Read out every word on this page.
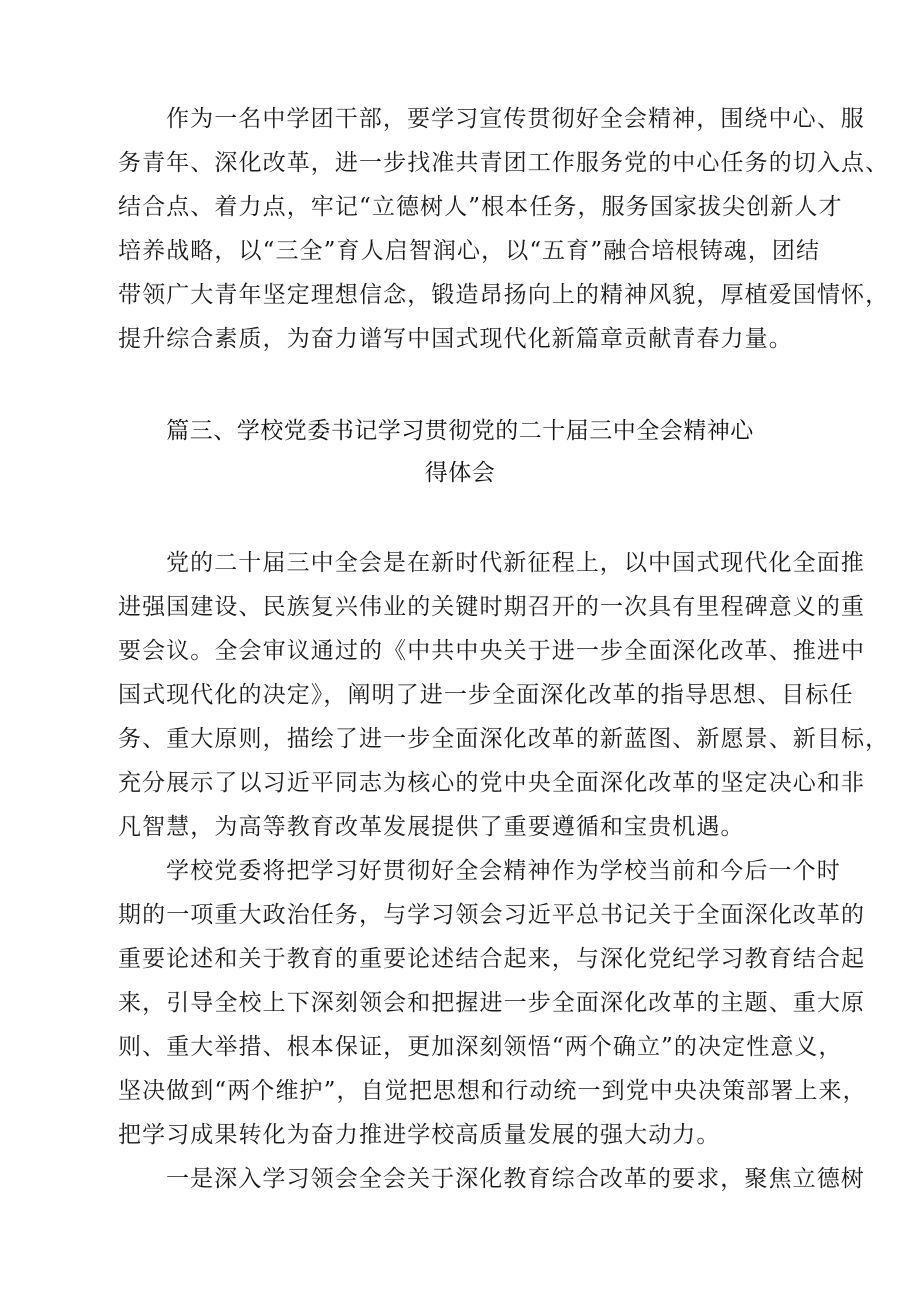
作为一名中学团干部，要学习宣传贯彻好全会精神，围绕中心、服
务青年、深化改革，进一步找准共青团工作服务党的中心任务的切入点、
结合点、着力点，牢记“立德树人”根本任务，服务国家拔尖创新人才
培养战略，以“三全”育人启智润心，以“五育”融合培根铸魂，团结
带领广大青年坚定理想信念，锻造昂扬向上的精神风貌，厚植爱国情怀，
提升综合素质，为奋力谱写中国式现代化新篇章贡献青春力量。
篇三、学校党委书记学习贯彻党的二十届三中全会精神心
得体会
党的二十届三中全会是在新时代新征程上，以中国式现代化全面推
进强国建设、民族复兴伟业的关键时期召开的一次具有里程碑意义的重
要会议。全会审议通过的《中共中央关于进一步全面深化改革、推进中
国式现代化的决定》，阐明了进一步全面深化改革的指导思想、目标任
务、重大原则，描绘了进一步全面深化改革的新蓝图、新愿景、新目标，
充分展示了以习近平同志为核心的党中央全面深化改革的坚定决心和非
凡智慧，为高等教育改革发展提供了重要遵循和宝贵机遇。
学校党委将把学习好贯彻好全会精神作为学校当前和今后一个时
期的一项重大政治任务，与学习领会习近平总书记关于全面深化改革的
重要论述和关于教育的重要论述结合起来，与深化党纪学习教育结合起
来，引导全校上下深刻领会和把握进一步全面深化改革的主题、重大原
则、重大举措、根本保证，更加深刻领悟“两个确立”的决定性意义，
坚决做到“两个维护”，自觉把思想和行动统一到党中央决策部署上来，
把学习成果转化为奋力推进学校高质量发展的强大动力。
一是深入学习领会全会关于深化教育综合改革的要求，聚焦立德树
